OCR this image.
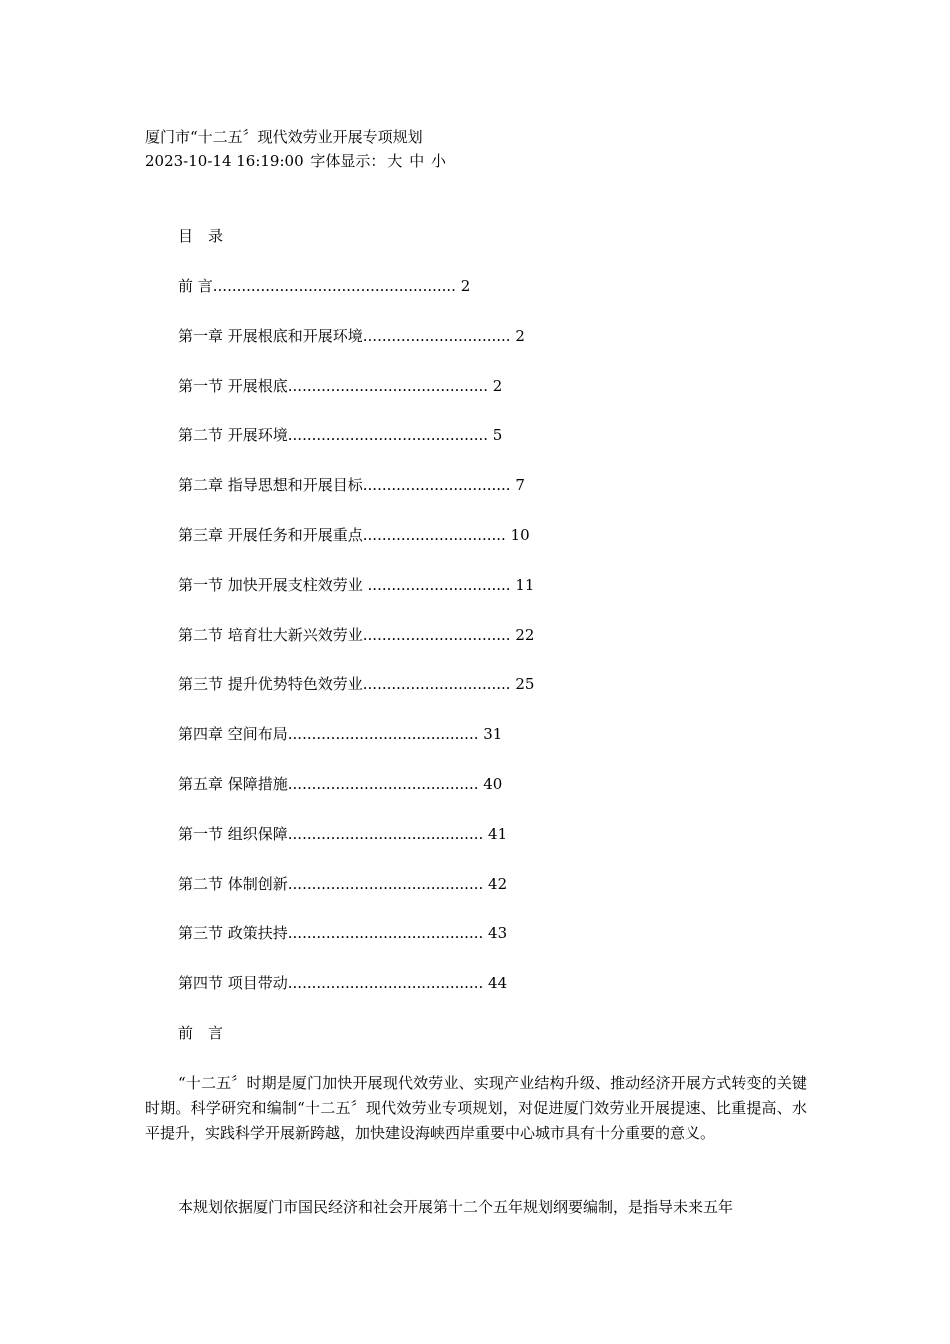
厦门市“十二五〞现代效劳业开展专项规划
2023-10-14 16:19:00 字体显示： 大 中 小
目　录
前 言................................................... 2
第一章 开展根底和开展环境............................... 2
第一节 开展根底.......................................... 2
第二节 开展环境.......................................... 5
第二章 指导思想和开展目标............................... 7
第三章 开展任务和开展重点.............................. 10
第一节 加快开展支柱效劳业 .............................. 11
第二节 培育壮大新兴效劳业............................... 22
第三节 提升优势特色效劳业............................... 25
第四章 空间布局........................................ 31
第五章 保障措施........................................ 40
第一节 组织保障......................................... 41
第二节 体制创新......................................... 42
第三节 政策扶持......................................... 43
第四节 项目带动......................................... 44
前　言

“十二五〞时期是厦门加快开展现代效劳业、实现产业结构升级、推动经济开展方式转变的关键时期。科学研究和编制“十二五〞现代效劳业专项规划，对促进厦门效劳业开展提速、比重提高、水平提升，实践科学开展新跨越，加快建设海峡西岸重要中心城市具有十分重要的意义。

本规划依据厦门市国民经济和社会开展第十二个五年规划纲要编制，是指导未来五年
